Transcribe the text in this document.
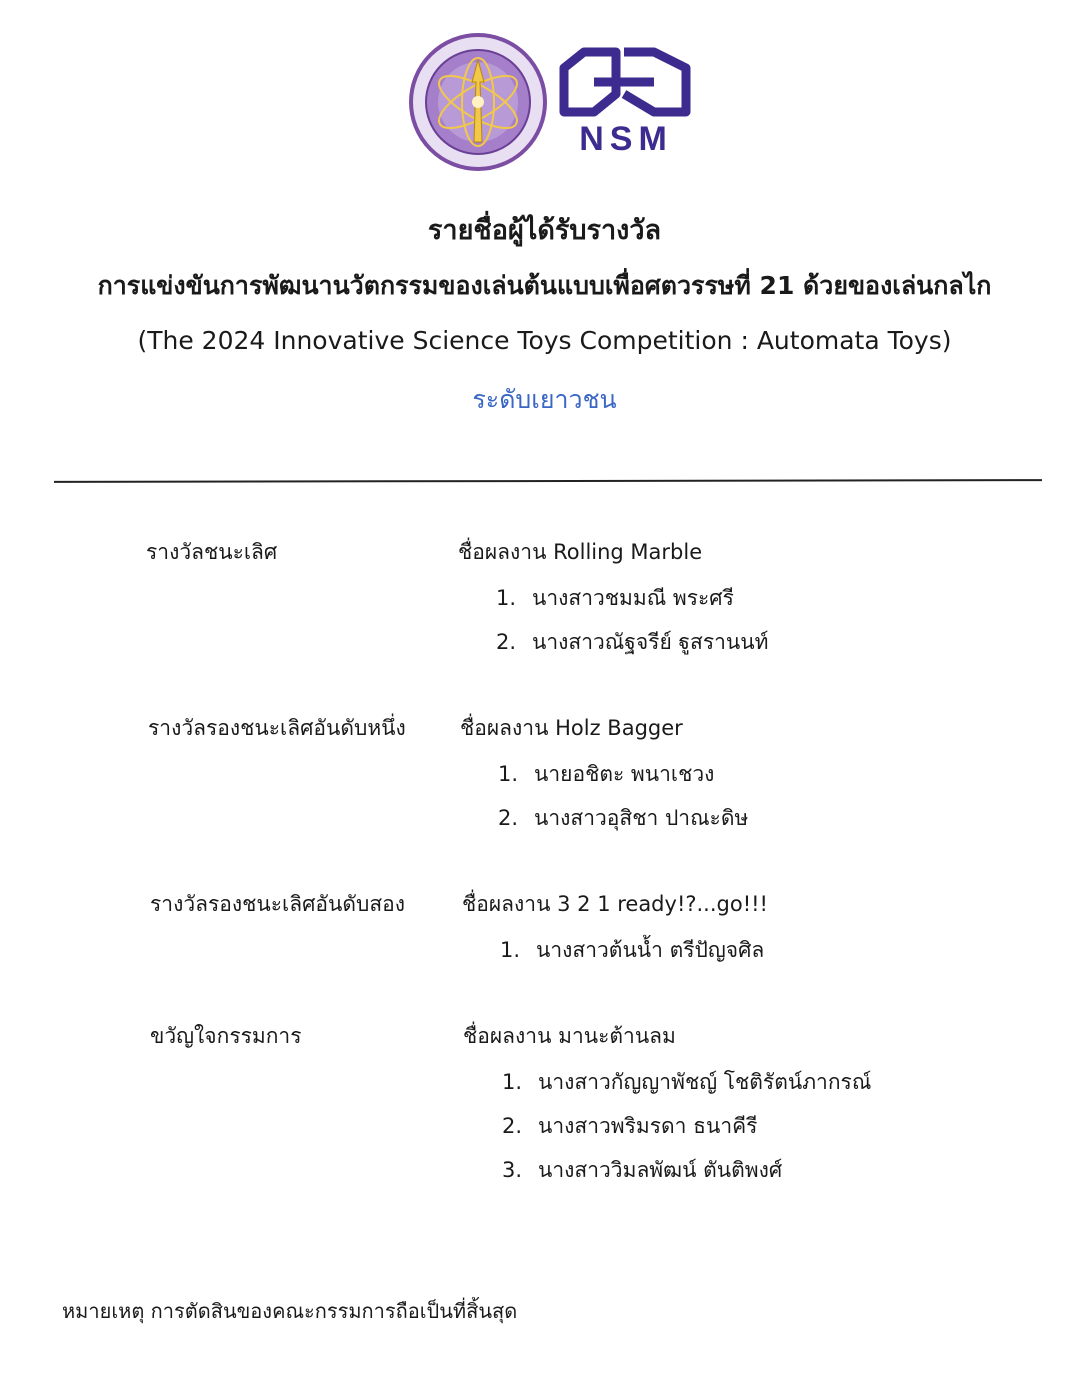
NSM
รายชื่อผู้ได้รับรางวัล
การแข่งขันการพัฒนานวัตกรรมของเล่นต้นแบบเพื่อศตวรรษที่ 21 ด้วยของเล่นกลไก
(The 2024 Innovative Science Toys Competition : Automata Toys)
ระดับเยาวชน
รางวัลชนะเลิศ	ชื่อผลงาน Rolling Marble
1. นางสาวชมมณี พระศรี
2. นางสาวณัฐจรีย์ ฐูสรานนท์
รางวัลรองชนะเลิศอันดับหนึ่ง	ชื่อผลงาน Holz Bagger
1. นายอชิตะ พนาเชวง
2. นางสาวอุสิชา ปาณะดิษ
รางวัลรองชนะเลิศอันดับสอง	ชื่อผลงาน 3 2 1 ready!?...go!!!
1. นางสาวต้นน้ำ ตรีปัญจศิล
ขวัญใจกรรมการ	ชื่อผลงาน มานะต้านลม
1. นางสาวกัญญาพัชญ์ โชติรัตน์ภากรณ์
2. นางสาวพริมรดา ธนาคีรี
3. นางสาววิมลพัฒน์ ตันติพงศ์
หมายเหตุ การตัดสินของคณะกรรมการถือเป็นที่สิ้นสุด
